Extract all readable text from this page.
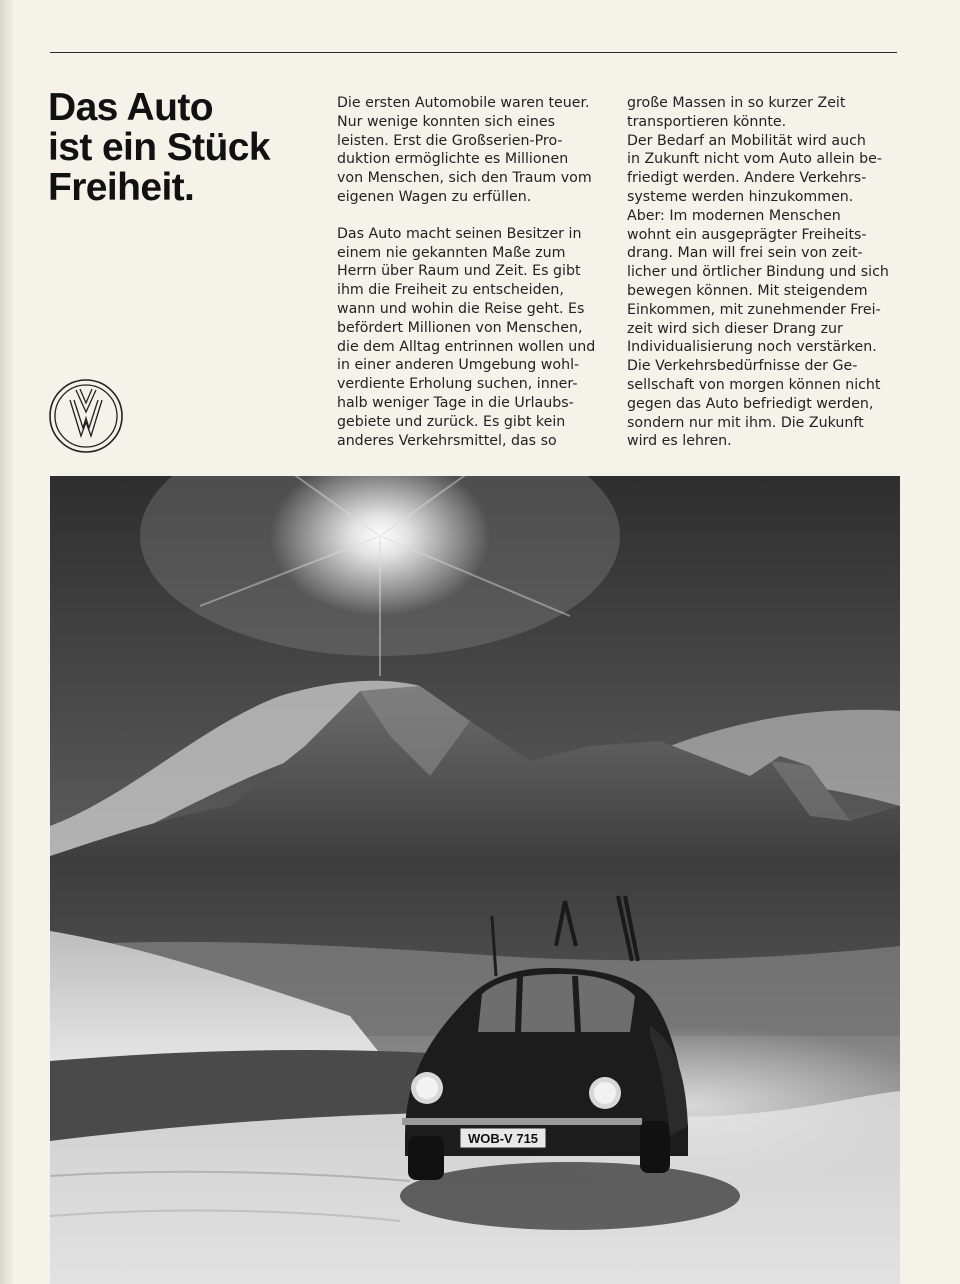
Das Auto
ist ein Stück
Freiheit.

Die ersten Automobile waren teuer.
Nur wenige konnten sich eines
leisten. Erst die Großserien-Pro-
duktion ermöglichte es Millionen
von Menschen, sich den Traum vom
eigenen Wagen zu erfüllen.

Das Auto macht seinen Besitzer in
einem nie gekannten Maße zum
Herrn über Raum und Zeit. Es gibt
ihm die Freiheit zu entscheiden,
wann und wohin die Reise geht. Es
befördert Millionen von Menschen,
die dem Alltag entrinnen wollen und
in einer anderen Umgebung wohl-
verdiente Erholung suchen, inner-
halb weniger Tage in die Urlaubs-
gebiete und zurück. Es gibt kein
anderes Verkehrsmittel, das so

große Massen in so kurzer Zeit
transportieren könnte.
Der Bedarf an Mobilität wird auch
in Zukunft nicht vom Auto allein be-
friedigt werden. Andere Verkehrs-
systeme werden hinzukommen.
Aber: Im modernen Menschen
wohnt ein ausgeprägter Freiheits-
drang. Man will frei sein von zeit-
licher und örtlicher Bindung und sich
bewegen können. Mit steigendem
Einkommen, mit zunehmender Frei-
zeit wird sich dieser Drang zur
Individualisierung noch verstärken.
Die Verkehrsbedürfnisse der Ge-
sellschaft von morgen können nicht
gegen das Auto befriedigt werden,
sondern nur mit ihm. Die Zukunft
wird es lehren.

WOB-V 715
